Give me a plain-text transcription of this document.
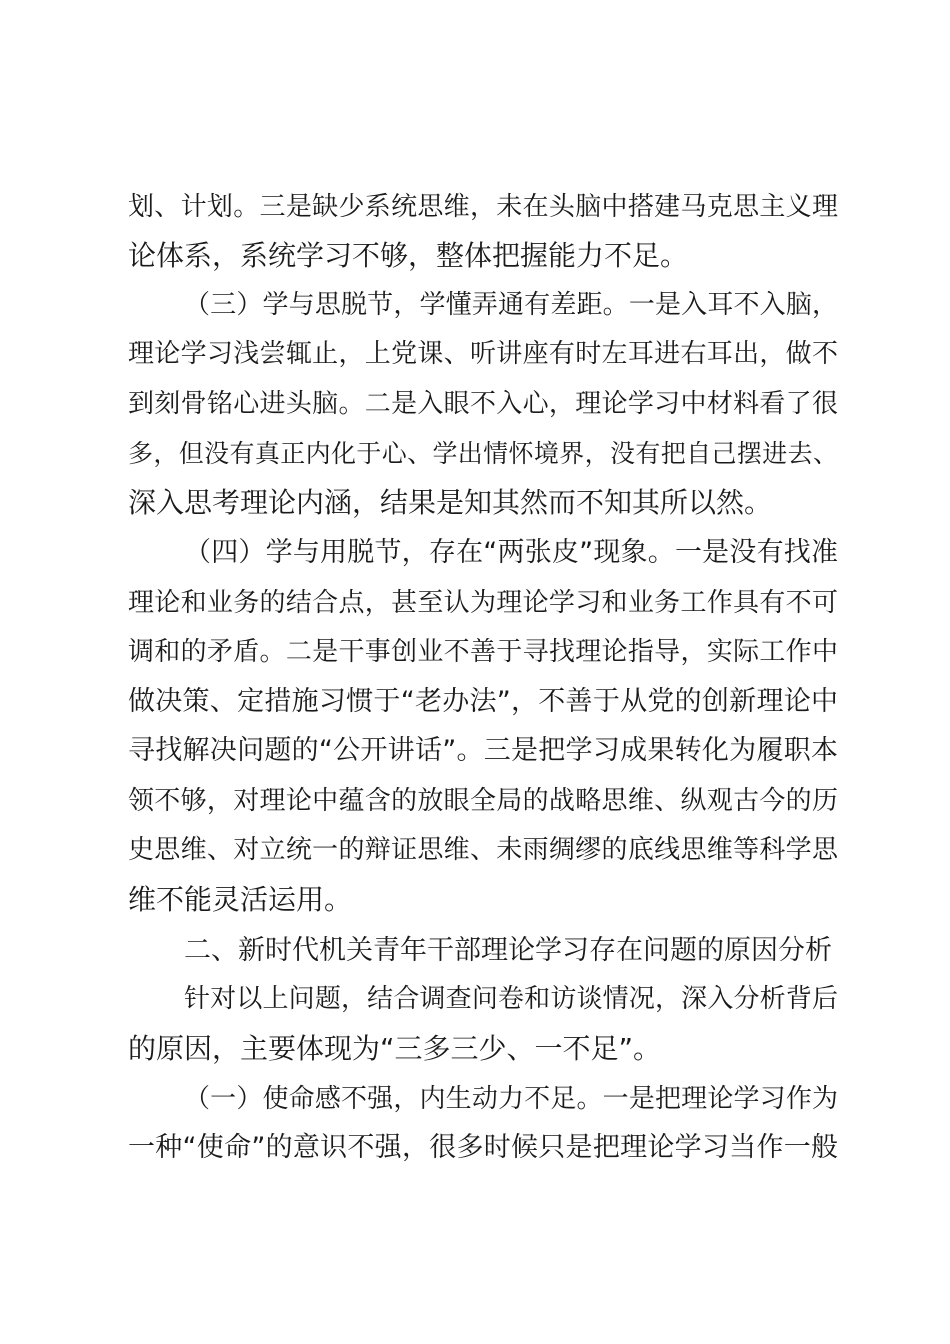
划、计划。三是缺少系统思维，未在头脑中搭建马克思主义理
论体系，系统学习不够，整体把握能力不足。
（三）学与思脱节，学懂弄通有差距。一是入耳不入脑，
理论学习浅尝辄止，上党课、听讲座有时左耳进右耳出，做不
到刻骨铭心进头脑。二是入眼不入心，理论学习中材料看了很
多，但没有真正内化于心、学出情怀境界，没有把自己摆进去、
深入思考理论内涵，结果是知其然而不知其所以然。
（四）学与用脱节，存在“两张皮”现象。一是没有找准
理论和业务的结合点，甚至认为理论学习和业务工作具有不可
调和的矛盾。二是干事创业不善于寻找理论指导，实际工作中
做决策、定措施习惯于“老办法”，不善于从党的创新理论中
寻找解决问题的“公开讲话”。三是把学习成果转化为履职本
领不够，对理论中蕴含的放眼全局的战略思维、纵观古今的历
史思维、对立统一的辩证思维、未雨绸缪的底线思维等科学思
维不能灵活运用。
二、新时代机关青年干部理论学习存在问题的原因分析
针对以上问题，结合调查问卷和访谈情况，深入分析背后
的原因，主要体现为“三多三少、一不足”。
（一）使命感不强，内生动力不足。一是把理论学习作为
一种“使命”的意识不强，很多时候只是把理论学习当作一般
